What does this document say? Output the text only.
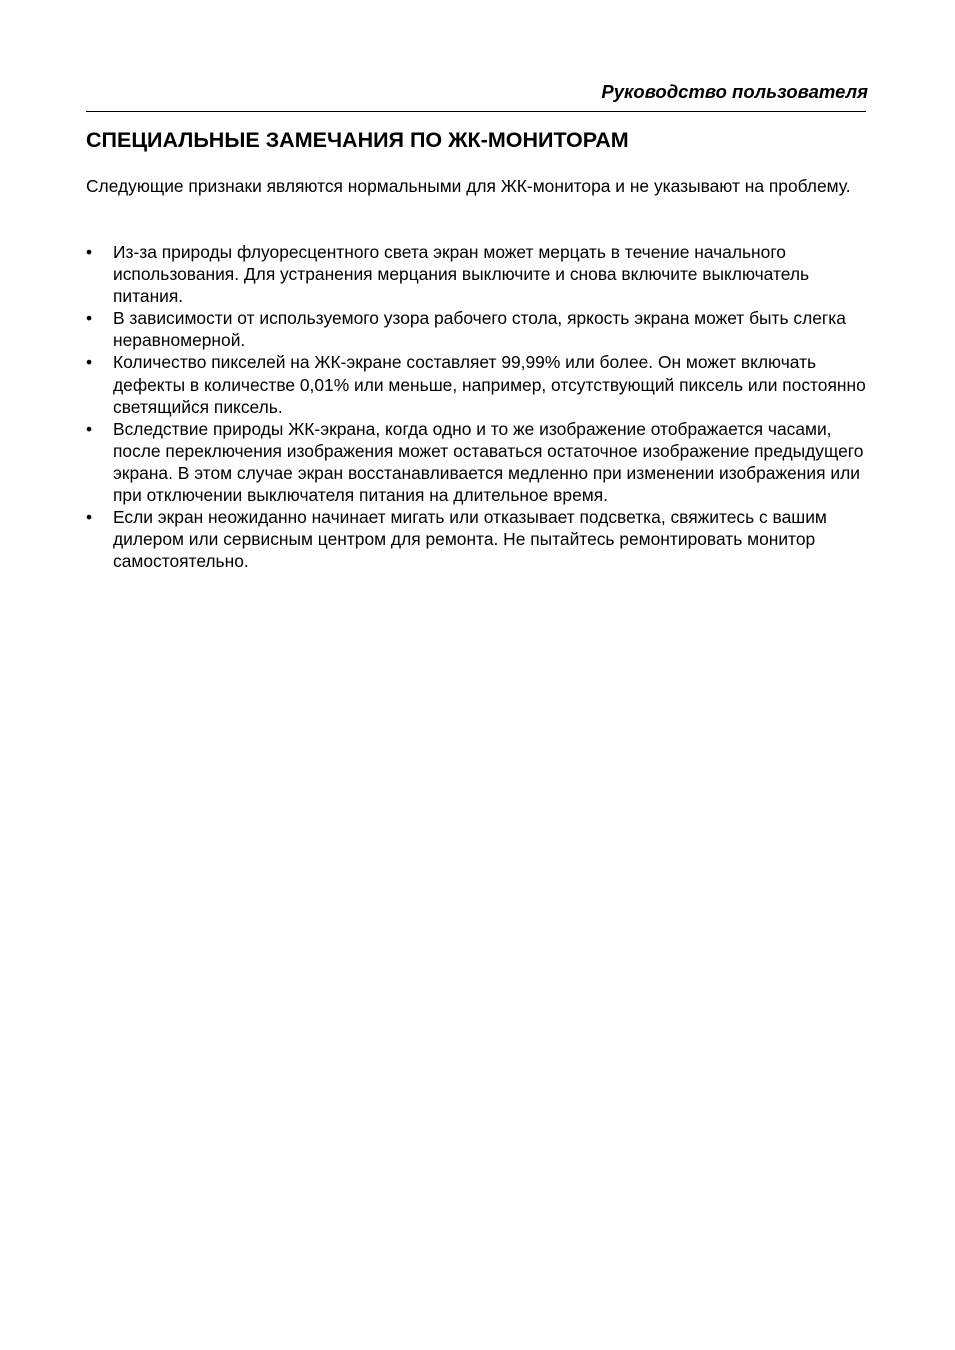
Руководство пользователя
СПЕЦИАЛЬНЫЕ ЗАМЕЧАНИЯ ПО ЖК-МОНИТОРАМ

Следующие признаки являются нормальными для ЖК-монитора и не указывают на проблему.

• Из-за природы флуоресцентного света экран может мерцать в течение начального использования. Для устранения мерцания выключите и снова включите выключатель питания.
• В зависимости от используемого узора рабочего стола, яркость экрана может быть слегка неравномерной.
• Количество пикселей на ЖК-экране составляет 99,99% или более. Он может включать дефекты в количестве 0,01% или меньше, например, отсутствующий пиксель или постоянно светящийся пиксель.
• Вследствие природы ЖК-экрана, когда одно и то же изображение отображается часами, после переключения изображения может оставаться остаточное изображение предыдущего экрана. В этом случае экран восстанавливается медленно при изменении изображения или при отключении выключателя питания на длительное время.
• Если экран неожиданно начинает мигать или отказывает подсветка, свяжитесь с вашим дилером или сервисным центром для ремонта. Не пытайтесь ремонтировать монитор самостоятельно.
